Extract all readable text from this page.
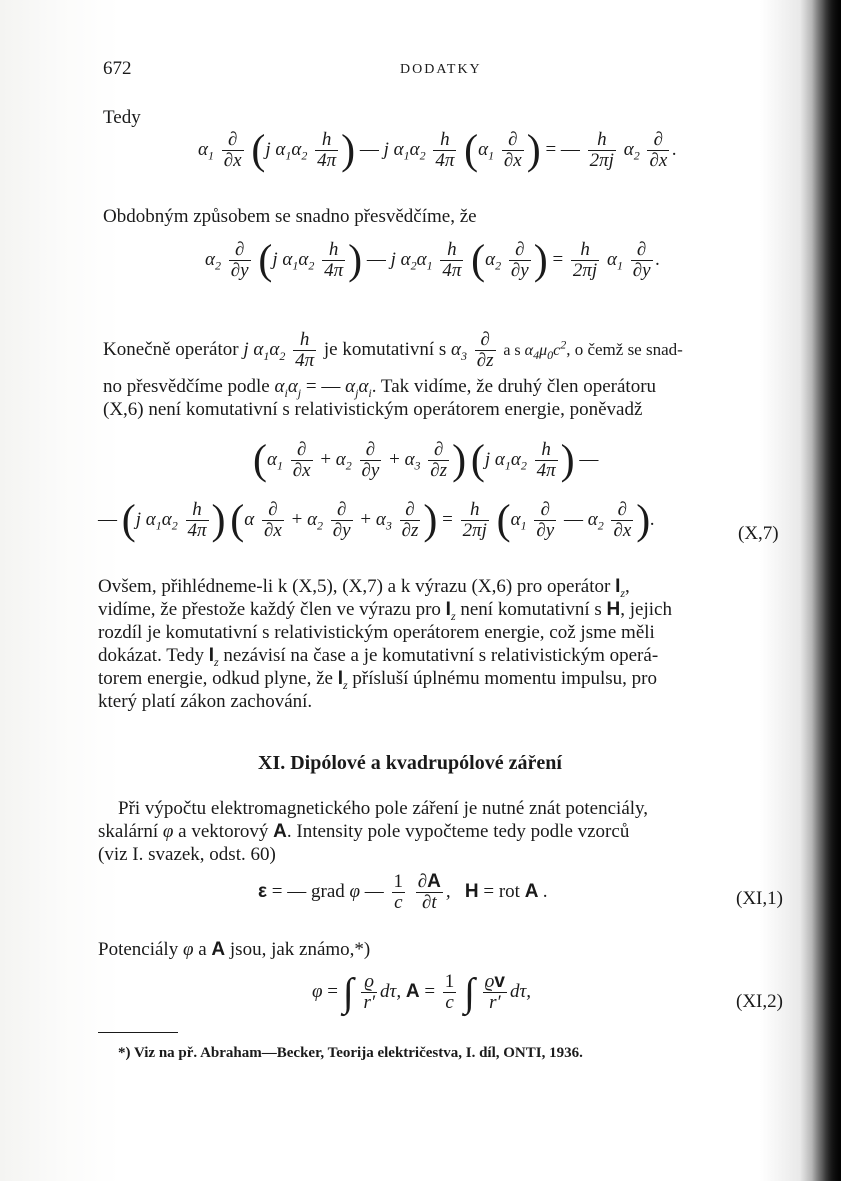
672	DODATKY
Tedy
$\alpha_1 \frac{\partial}{\partial x} (j$ $\alpha_1\alpha_2 \frac{h}{4\pi}$ ) — j $\alpha_1\alpha_2 \frac{h}{4\pi} (\alpha_1 \frac{\partial}{\partial x}$ ) = — $\frac{h}{2\pi j} \alpha_2 \frac{\partial}{\partial x}$ .
Obdobným způsobem se snadno přesvědčíme, že
$\alpha_2 \frac{\partial}{\partial y} (j$ $\alpha_1\alpha_2 \frac{h}{4\pi}$ ) — j $\alpha_2\alpha_1 \frac{h}{4\pi} (\alpha_2 \frac{\partial}{\partial y}$ ) = $\frac{h}{2\pi j} \alpha_1 \frac{\partial}{\partial y}$ .
Konečně operátor j $\alpha_1\alpha_2 \frac{h}{4\pi}$ je komutativní s $\alpha_3 \frac{\partial}{\partial z}$ a s $\alpha_4\mu_0c^2$, o čemž se snad-
no přesvědčíme podle $\alpha_i\alpha_j$ = — $\alpha_j\alpha_i$. Tak vidíme, že druhý člen operátoru
(X,6) není komutativní s relativistickým operátorem energie, poněvadž
($\alpha_1 \frac{\partial}{\partial x} + \alpha_2 \frac{\partial}{\partial y} + \alpha_3 \frac{\partial}{\partial z}$ ) (j $\alpha_1\alpha_2 \frac{h}{4\pi}$ ) —
— (j $\alpha_1\alpha_2 \frac{h}{4\pi}$ ) ($\alpha \frac{\partial}{\partial x} + \alpha_2 \frac{\partial}{\partial y} + \alpha_3 \frac{\partial}{\partial z}$ ) = $\frac{h}{2\pi j} (\alpha_1 \frac{\partial}{\partial y}$ — $\alpha_2 \frac{\partial}{\partial x}$ ).
(X,7)
Ovšem, přihlédneme-li k (X,5), (X,7) a k výrazu (X,6) pro operátor $I_z$,
vidíme, že přestože každý člen ve výrazu pro $I_z$ není komutativní s H, jejich
rozdíl je komutativní s relativistickým operátorem energie, což jsme měli
dokázat. Tedy $I_z$ nezávisí na čase a je komutativní s relativistickým operá-
torem energie, odkud plyne, že $I_z$ přísluší úplnému momentu impulsu, pro
který platí zákon zachování.
XI. Dipólové a kvadrupólové záření
Při výpočtu elektromagnetického pole záření je nutné znát potenciály,
skalární φ a vektorový A. Intensity pole vypočteme tedy podle vzorců
(viz I. svazek, odst. 60)
ε = — grad φ — $\frac{1}{c}$
$\frac{\partial A}{\partial t}$ ,   H = rot A .	(XI,1)
Potenciály φ a A jsou, jak známo,*)
φ = ∫ $\frac{ϱ}{r'} d\tau$, $A = \frac{1}{c}$ ∫ $\frac{ϱv}{r'} d\tau$,	(XI,2)
*) Viz na př. Abraham—Becker, Teorija električestva, I. díl, ONTI, 1936.
